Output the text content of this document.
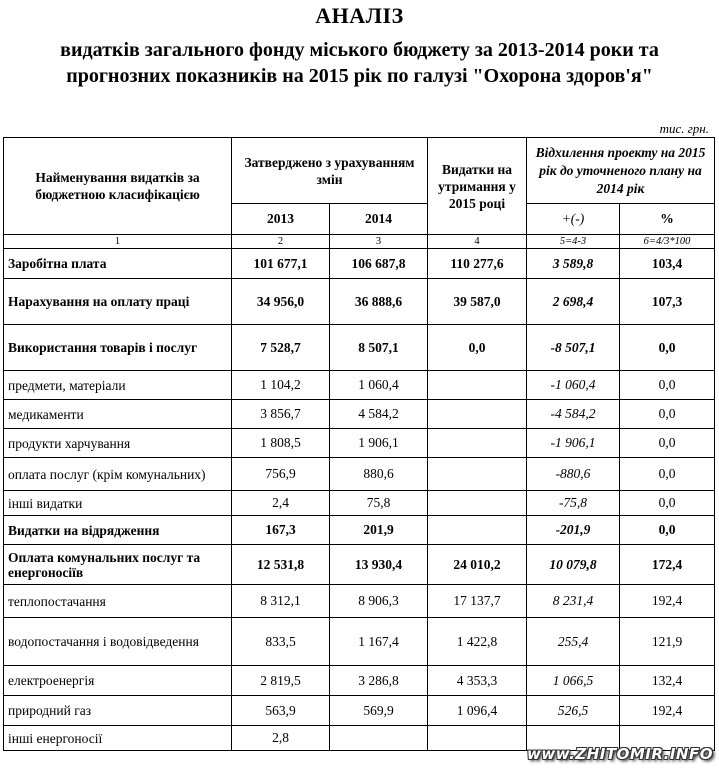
АНАЛІЗ
видатків загального фонду міського бюджету за 2013-2014 роки та
прогнозних показників на 2015 рік по галузі "Охорона здоров'я"
тис. грн.
Найменування видатків за бюджетною класифікацією	Затверджено з урахуванням змін		Видатки на утримання у 2015 році	Відхилення проекту на 2015 рік до уточненого плану на 2014 рік	
	2013	2014		+(-)	%
1	2	3	4	5=4-3	6=4/3*100
Заробітна плата	101 677,1	106 687,8	110 277,6	3 589,8	103,4
Нарахування на оплату праці	34 956,0	36 888,6	39 587,0	2 698,4	107,3
Використання товарів і послуг	7 528,7	8 507,1	0,0	-8 507,1	0,0
предмети, матеріали	1 104,2	1 060,4		-1 060,4	0,0
медикаменти	3 856,7	4 584,2		-4 584,2	0,0
продукти харчування	1 808,5	1 906,1		-1 906,1	0,0
оплата послуг (крім комунальних)	756,9	880,6		-880,6	0,0
інші видатки	2,4	75,8		-75,8	0,0
Видатки на відрядження	167,3	201,9		-201,9	0,0
Оплата комунальних послуг та енергоносіїв	12 531,8	13 930,4	24 010,2	10 079,8	172,4
теплопостачання	8 312,1	8 906,3	17 137,7	8 231,4	192,4
водопостачання і водовідведення	833,5	1 167,4	1 422,8	255,4	121,9
електроенергія	2 819,5	3 286,8	4 353,3	1 066,5	132,4
природний газ	563,9	569,9	1 096,4	526,5	192,4
інші енергоносії	2,8				
www.ZHITOMIR.INFO
